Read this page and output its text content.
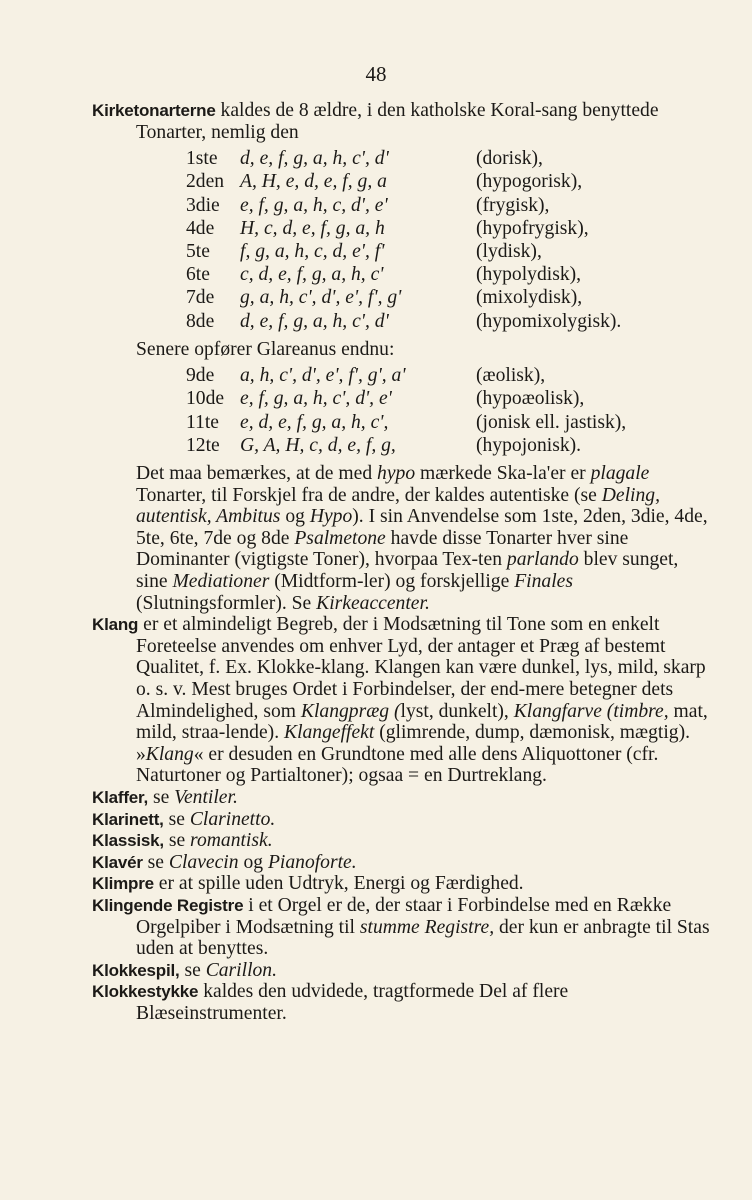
48

Kirketonarterne kaldes de 8 ældre, i den katholske Koral-sang benyttede Tonarter, nemlig den

1ste	d, e, f, g, a, h, c', d'	(dorisk),
2den	A, H, e, d, e, f, g, a	(hypogorisk),
3die	e, f, g, a, h, c, d', e'	(frygisk),
4de	H, c, d, e, f, g, a, h	(hypofrygisk),
5te	f, g, a, h, c, d, e', f'	(lydisk),
6te	c, d, e, f, g, a, h, c'	(hypolydisk),
7de	g, a, h, c', d', e', f', g'	(mixolydisk),
8de	d, e, f, g, a, h, c', d'	(hypomixolygisk).

Senere opfører Glareanus endnu:

9de	a, h, c', d', e', f', g', a'	(æolisk),
10de	e, f, g, a, h, c', d', e'	(hypoæolisk),
11te	e, d, e, f, g, a, h, c',	(jonisk ell. jastisk),
12te	G, A, H, c, d, e, f, g,	(hypojonisk).

Det maa bemærkes, at de med hypo mærkede Ska-la'er er plagale Tonarter, til Forskjel fra de andre, der kaldes autentiske (se Deling, autentisk, Ambitus og Hypo). I sin Anvendelse som 1ste, 2den, 3die, 4de, 5te, 6te, 7de og 8de Psalmetone havde disse Tonarter hver sine Dominanter (vigtigste Toner), hvorpaa Tex-ten parlando blev sunget, sine Mediationer (Midtform-ler) og forskjellige Finales (Slutningsformler). Se Kirkeaccenter.

Klang er et almindeligt Begreb, der i Modsætning til Tone som en enkelt Foreteelse anvendes om enhver Lyd, der antager et Præg af bestemt Qualitet, f. Ex. Klokke-klang. Klangen kan være dunkel, lys, mild, skarp o. s. v. Mest bruges Ordet i Forbindelser, der end-mere betegner dets Almindelighed, som Klangpræg (lyst, dunkelt), Klangfarve (timbre, mat, mild, straa-lende). Klangeffekt (glimrende, dump, dæmonisk, mægtig). »Klang« er desuden en Grundtone med alle dens Aliquottoner (cfr. Naturtoner og Partialtoner); ogsaa = en Durtreklang.

Klaffer, se Ventiler.

Klarinett, se Clarinetto.

Klassisk, se romantisk.

Klavér se Clavecin og Pianoforte.

Klimpre er at spille uden Udtryk, Energi og Færdighed.

Klingende Registre i et Orgel er de, der staar i Forbindelse med en Række Orgelpiber i Modsætning til stumme Registre, der kun er anbragte til Stas uden at benyttes.

Klokkespil, se Carillon.

Klokkestykke kaldes den udvidede, tragtformede Del af flere Blæseinstrumenter.
